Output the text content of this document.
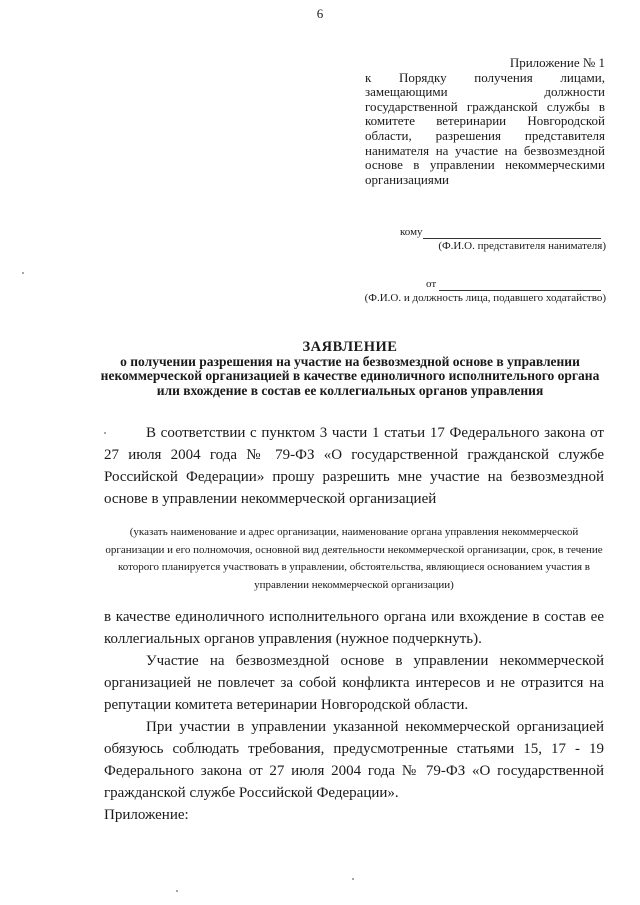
6
Приложение № 1
к Порядку получения лицами, замещающими должности государственной гражданской службы в комитете ветеринарии Новгородской области, разрешения представителя нанимателя на участие на безвозмездной основе в управлении некоммерческими организациями
кому
(Ф.И.О. представителя нанимателя)
от
(Ф.И.О. и должность лица, подавшего ходатайство)
ЗАЯВЛЕНИЕ
о получении разрешения на участие на безвозмездной основе в управлении некоммерческой организацией в качестве единоличного исполнительного органа или вхождение в состав ее коллегиальных органов управления
В соответствии с пунктом 3 части 1 статьи 17 Федерального закона от 27 июля 2004 года № 79-ФЗ «О государственной гражданской службе Российской Федерации» прошу разрешить мне участие на безвозмездной основе в управлении некоммерческой организацией
(указать наименование и адрес организации, наименование органа управления некоммерческой организации и его полномочия, основной вид деятельности некоммерческой организации, срок, в течение которого планируется участвовать в управлении, обстоятельства, являющиеся основанием участия в управлении некоммерческой организации)
в качестве единоличного исполнительного органа или вхождение в состав ее коллегиальных органов управления (нужное подчеркнуть).
Участие на безвозмездной основе в управлении некоммерческой организацией не повлечет за собой конфликта интересов и не отразится на репутации комитета ветеринарии Новгородской области.
При участии в управлении указанной некоммерческой организацией обязуюсь соблюдать требования, предусмотренные статьями 15, 17 - 19 Федерального закона от 27 июля 2004 года № 79-ФЗ «О государственной гражданской службе Российской Федерации».
Приложение:
